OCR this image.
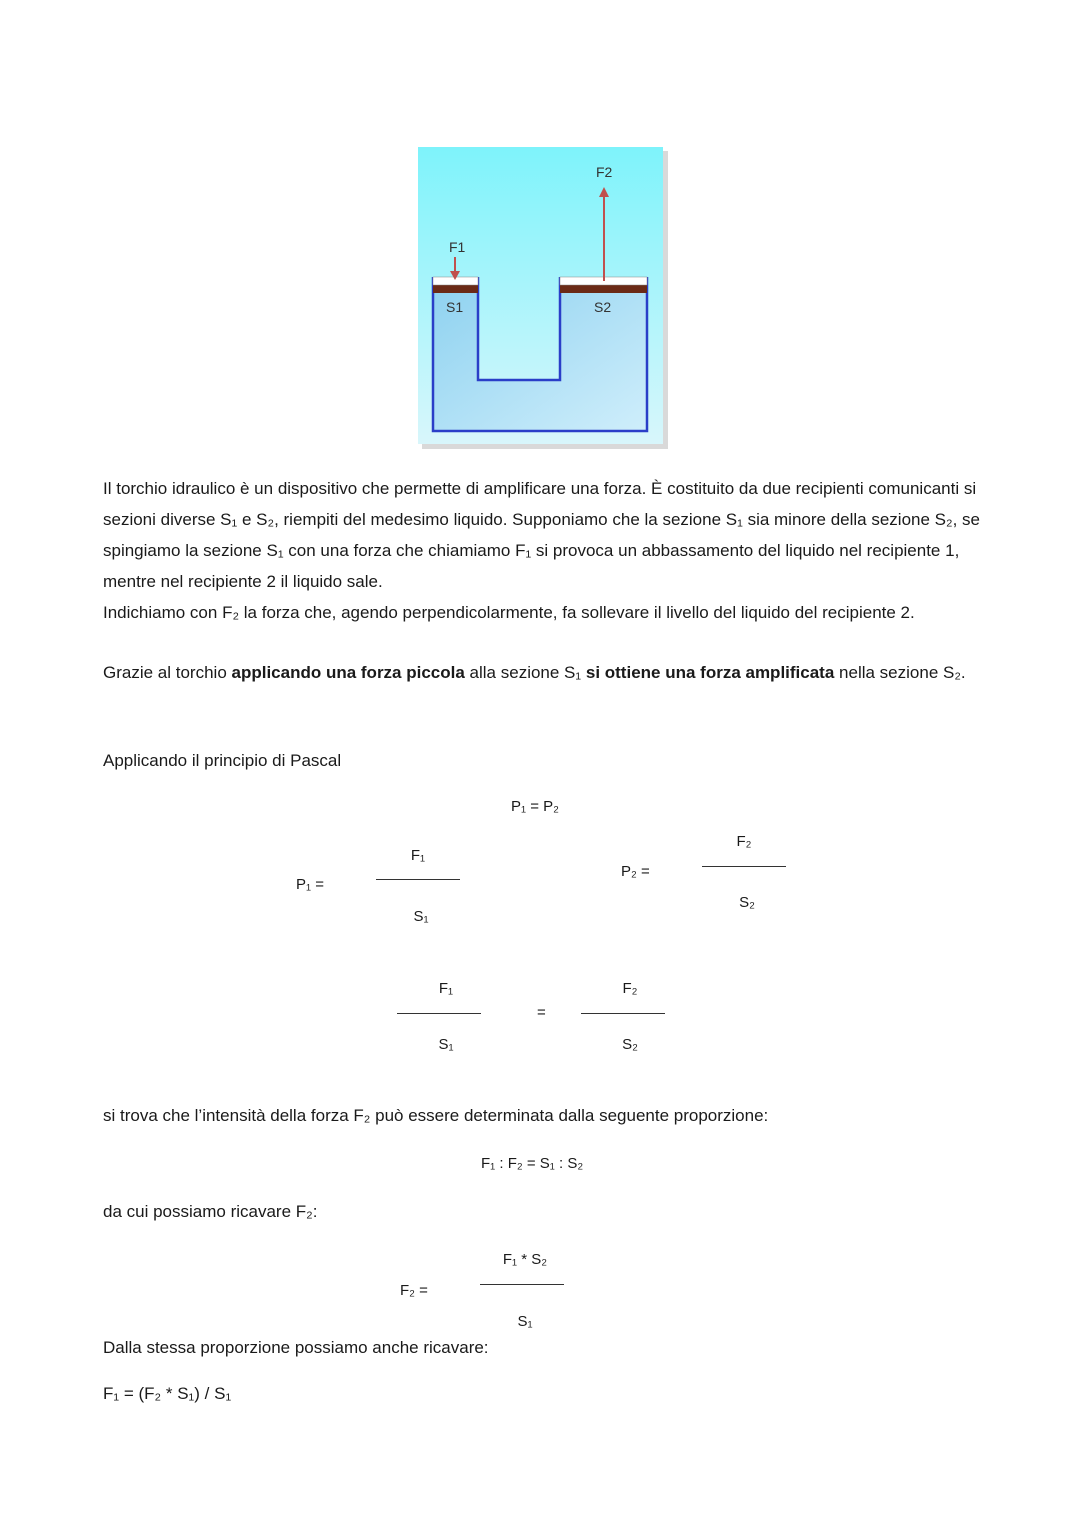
F1
F2
S1	S2
Il torchio idraulico è un dispositivo che permette di amplificare una forza. È costituito da due recipienti comunicanti si sezioni diverse S₁ e S₂, riempiti del medesimo liquido. Supponiamo che la sezione S₁ sia minore della sezione S₂, se spingiamo la sezione S₁ con una forza che chiamiamo F₁ si provoca un abbassamento del liquido nel recipiente 1, mentre nel recipiente 2 il liquido sale.
Indichiamo con F₂ la forza che, agendo perpendicolarmente, fa sollevare il livello del liquido del recipiente 2.
Grazie al torchio applicando una forza piccola alla sezione S₁ si ottiene una forza amplificata nella sezione S₂.
Applicando il principio di Pascal
P₁ = P₂
P₁ =
F₁
S₁
P₂ =
F₂
S₂
F₁
S₁
=
F₂
S₂
si trova che l’intensità della forza F₂ può essere determinata dalla seguente proporzione:
F₁ : F₂ = S₁ : S₂
da cui possiamo ricavare F₂:
F₂ =
F₁ * S₂
S₁
Dalla stessa proporzione possiamo anche ricavare:
F₁ = (F₂ * S₁) / S₁
